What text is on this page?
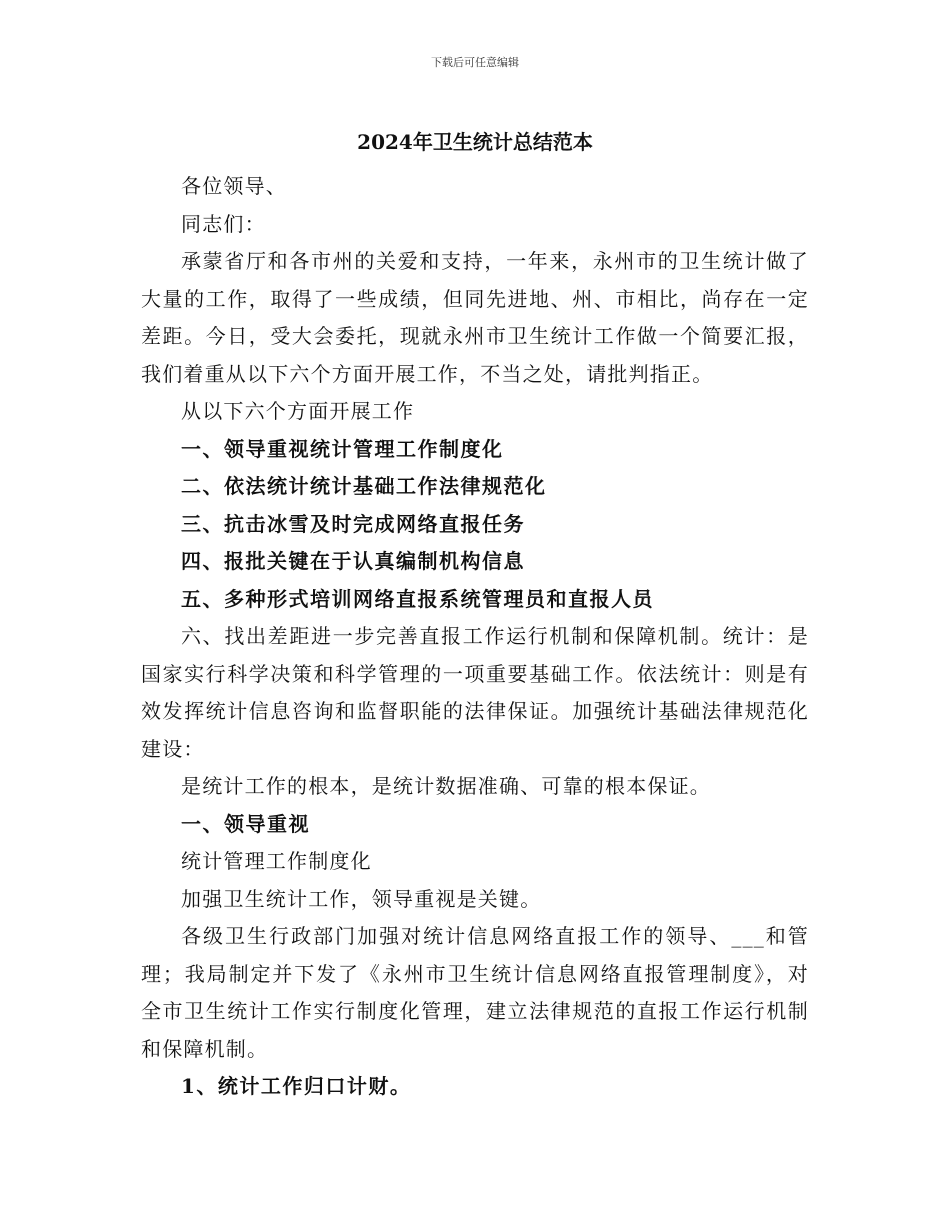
下载后可任意编辑
2024年卫生统计总结范本

各位领导、

同志们：

承蒙省厅和各市州的关爱和支持，一年来，永州市的卫生统计做了大量的工作，取得了一些成绩，但同先进地、州、市相比，尚存在一定差距。今日，受大会委托，现就永州市卫生统计工作做一个简要汇报，我们着重从以下六个方面开展工作，不当之处，请批判指正。

从以下六个方面开展工作

一、领导重视统计管理工作制度化

二、依法统计统计基础工作法律规范化

三、抗击冰雪及时完成网络直报任务

四、报批关键在于认真编制机构信息

五、多种形式培训网络直报系统管理员和直报人员

六、找出差距进一步完善直报工作运行机制和保障机制。统计：是国家实行科学决策和科学管理的一项重要基础工作。依法统计：则是有效发挥统计信息咨询和监督职能的法律保证。加强统计基础法律规范化建设：

是统计工作的根本，是统计数据准确、可靠的根本保证。

一、领导重视

统计管理工作制度化

加强卫生统计工作，领导重视是关键。

各级卫生行政部门加强对统计信息网络直报工作的领导、___和管理；我局制定并下发了《永州市卫生统计信息网络直报管理制度》，对全市卫生统计工作实行制度化管理，建立法律规范的直报工作运行机制和保障机制。

1、统计工作归口计财。
